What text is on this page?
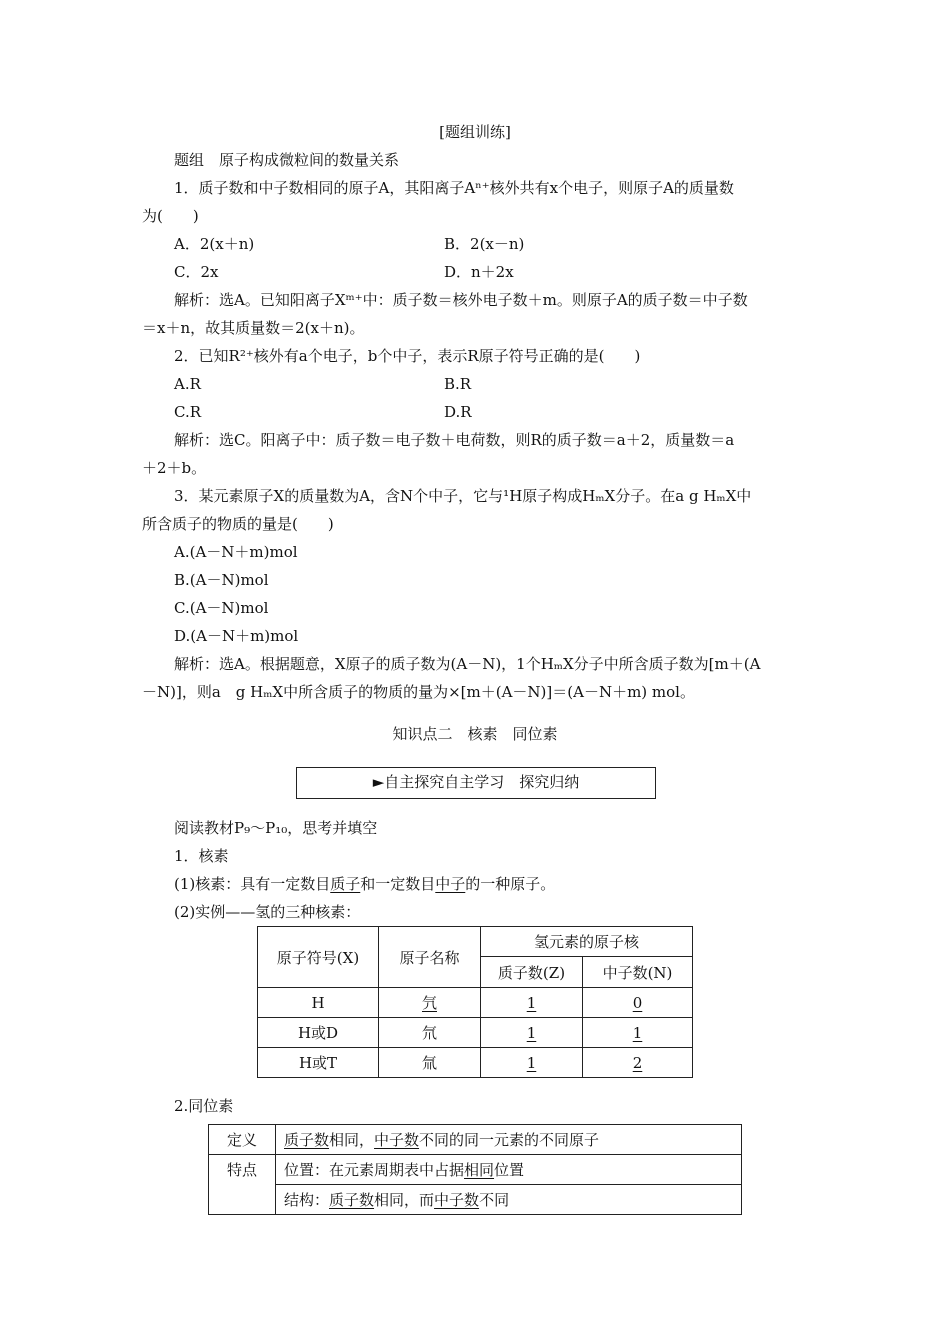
[题组训练]
题组　原子构成微粒间的数量关系
1．质子数和中子数相同的原子A，其阳离子Aⁿ⁺核外共有x个电子，则原子A的质量数
为(　　)
A．2(x＋n)	B．2(x－n)
C．2x	D．n＋2x
解析：选A。已知阳离子Xᵐ⁺中：质子数＝核外电子数＋m。则原子A的质子数＝中子数
＝x＋n，故其质量数＝2(x＋n)。
2．已知R²⁺核外有a个电子，b个中子，表示R原子符号正确的是(　　)
A.R	B.R
C.R	D.R
解析：选C。阳离子中：质子数＝电子数＋电荷数，则R的质子数＝a＋2，质量数＝a
＋2＋b。
3．某元素原子X的质量数为A，含N个中子，它与¹H原子构成HₘX分子。在a g HₘX中
所含质子的物质的量是(　　)
A.(A－N＋m)mol
B.(A－N)mol
C.(A－N)mol
D.(A－N＋m)mol
解析：选A。根据题意，X原子的质子数为(A－N)，1个HₘX分子中所含质子数为[m＋(A
－N)]，则a　g HₘX中所含质子的物质的量为×[m＋(A－N)]＝(A－N＋m) mol。
知识点二　核素　同位素
►自主探究自主学习　探究归纳
阅读教材P₉～P₁₀，思考并填空
1．核素
(1)核素：具有一定数目质子和一定数目中子的一种原子。
(2)实例——氢的三种核素：
原子符号(X)	原子名称	氢元素的原子核	
		质子数(Z)	中子数(N)
H	氕	1	0
H或D	氘	1	1
H或T	氚	1	2
2.同位素
定义	质子数相同，中子数不同的同一元素的不同原子
特点	位置：在元素周期表中占据相同位置
	结构：质子数相同，而中子数不同
